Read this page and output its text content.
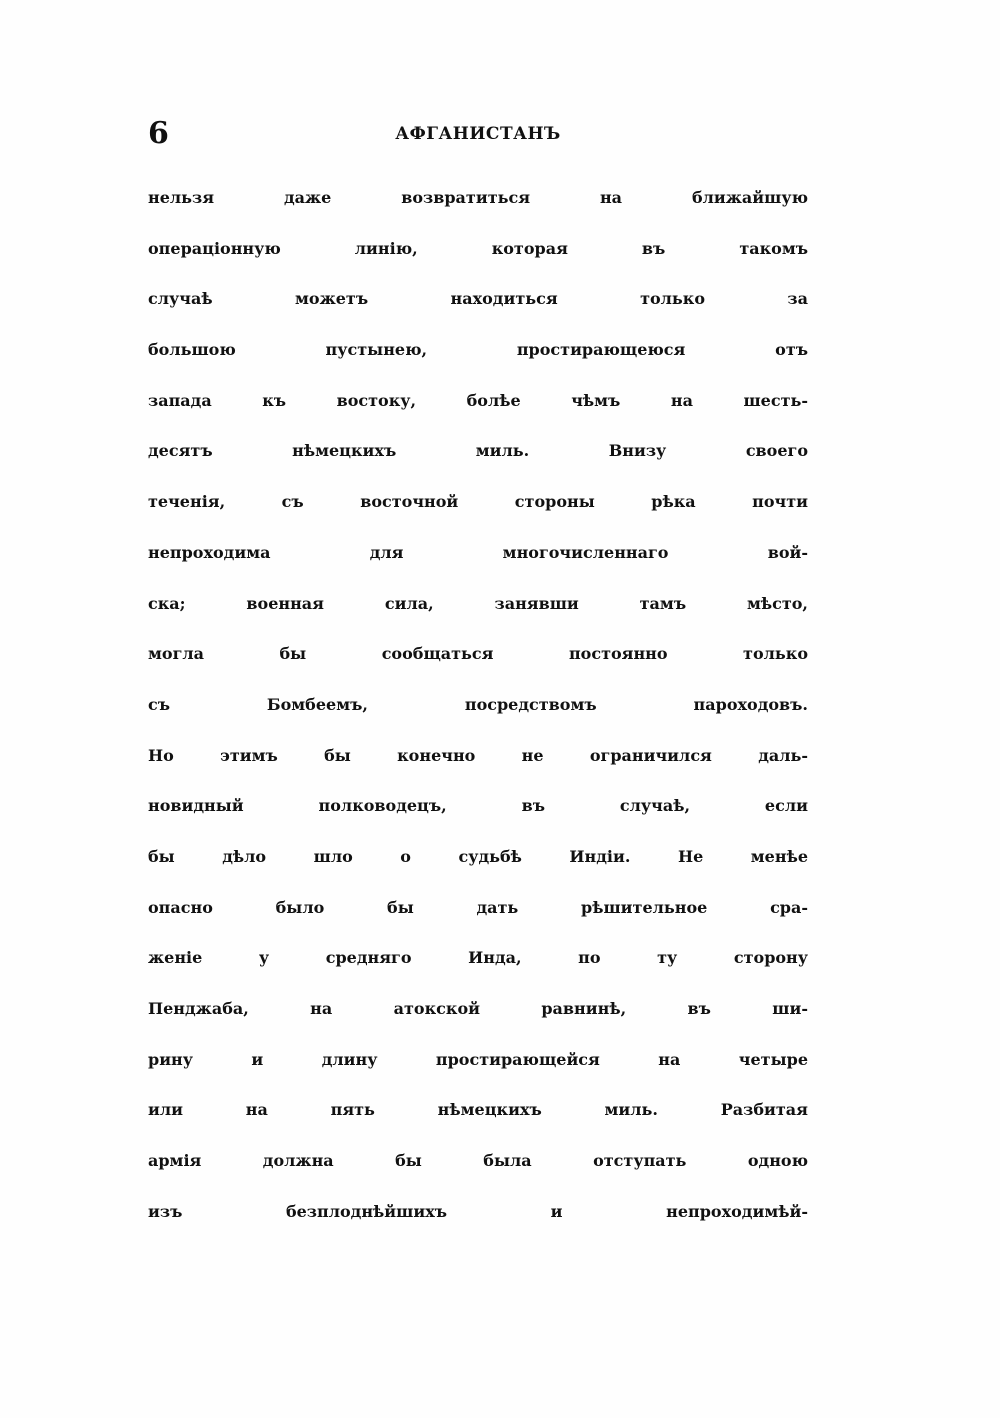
6	АФГАНИСТАНЪ
нельзя даже возвратиться на ближайшую
операціонную линію, которая въ такомъ
случаѣ можетъ находиться только за
большою пустынею, простирающеюся отъ
запада къ востоку, болѣе чѣмъ на шесть-
десятъ нѣмецкихъ миль. Внизу своего
теченія, съ восточной стороны рѣка почти
непроходима для многочисленнаго вой-
ска; военная сила, занявши тамъ мѣсто,
могла бы сообщаться постоянно только
съ Бомбеемъ, посредствомъ пароходовъ.
Но этимъ бы конечно не ограничился даль-
новидный полководецъ, въ случаѣ, если
бы дѣло шло о судьбѣ Индіи. Не менѣе
опасно было бы дать рѣшительное сра-
женіе у средняго Инда, по ту сторону
Пенджаба, на атокской равнинѣ, въ ши-
рину и длину простирающейся на четыре
или на пять нѣмецкихъ миль. Разбитая
армія должна бы была отступать одною
изъ безплоднѣйшихъ и непроходимѣй-
